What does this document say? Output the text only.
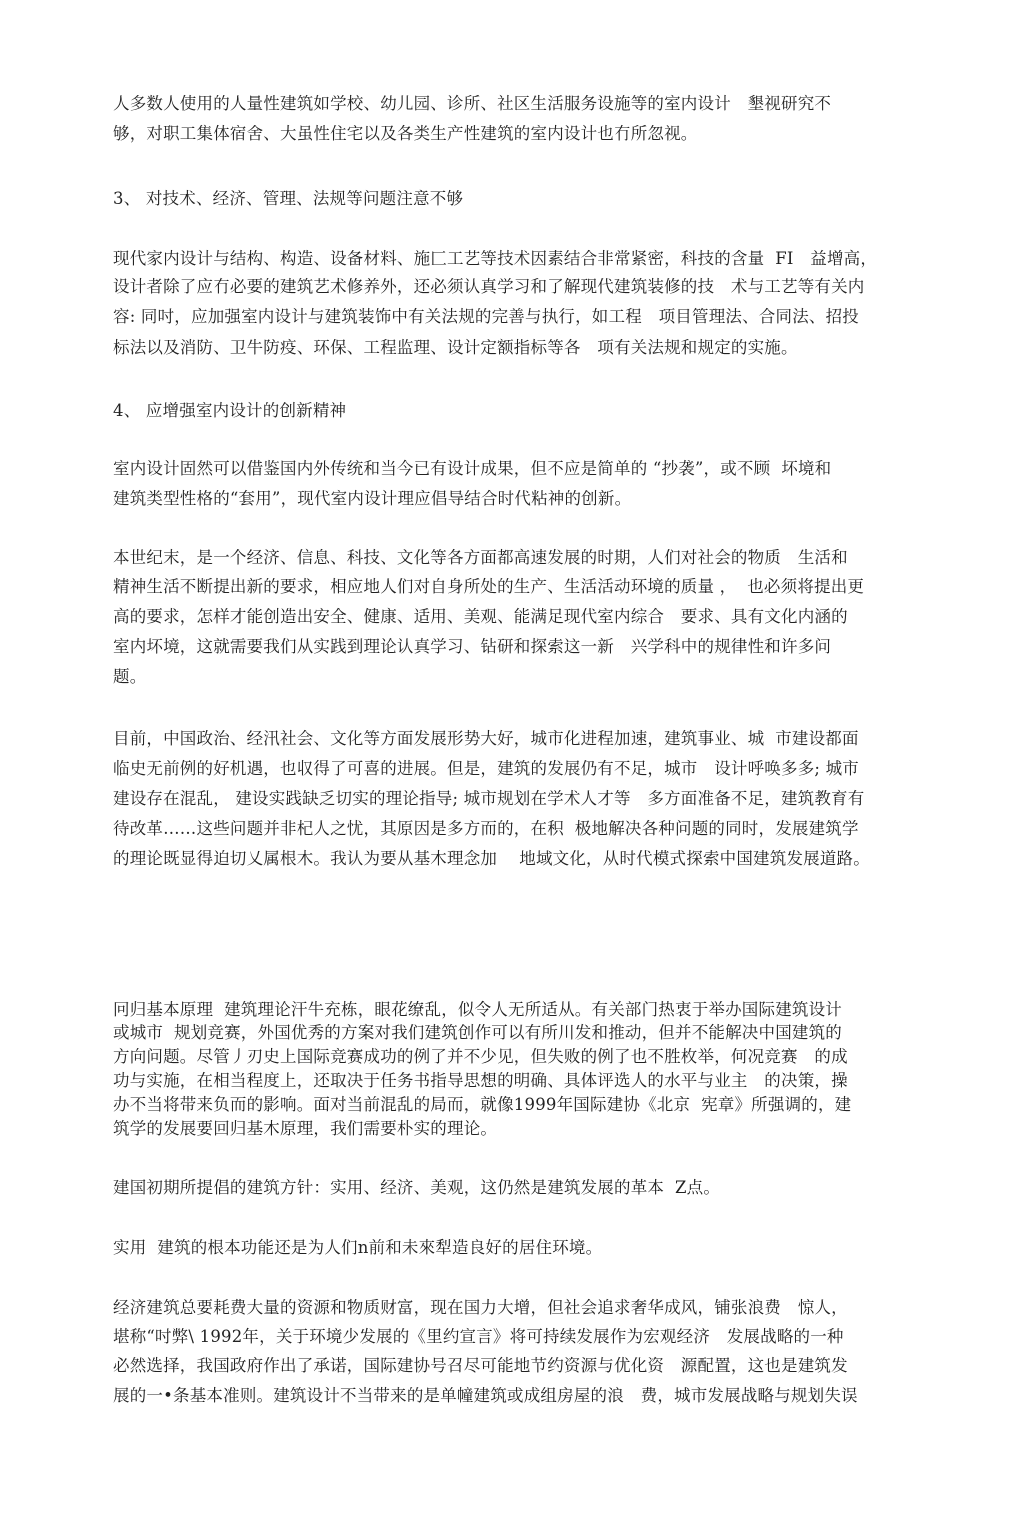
人多数人使用的人量性建筑如学校、幼儿园、诊所、社区生活服务设施等的室内设计　墾视研究不
够，对职工集体宿舍、大虽性住宅以及各类生产性建筑的室内设计也冇所忽视。
3、 对技术、经济、管理、法规等问题注意不够
现代家内设计与结构、构造、设备材料、施匚工艺等技术因素结合非常紧密，科技的含量  FI　益增高，
设计者除了应冇必要的建筑艺术修养外，还必须认真学习和了解现代建筑装修的技　术与工艺等有关内
容: 同吋，应加强室内设计与建筑装饰中有关法规的完善与执行，如工程　项目管理法、合同法、招投
标法以及消防、卫牛防疫、环保、工程监理、设计定额指标等各　项有关法规和规定的实施。
4、 应增强室内设计的创新精神
室内设计固然可以借鉴国内外传统和当今已有设计成果，但不应是简单的 “抄袭”，或不顾  坏境和
建筑类型性格的“套用”，现代室内设计理应倡导结合时代粘神的创新。
本世纪末，是一个经济、信息、科技、文化等各方面都高速发展的时期，人们对社会的物质　生活和
精神生活不断提出新的要求，相应地人们对自身所处的生产、生活活动环境的质量 ，  也必须将提出更
高的要求，怎样才能创造出安全、健康、适用、美观、能满足现代室内综合　要求、具有文化内涵的
室内坏境，这就需要我们从实践到理论认真学习、钻研和探索这一新　兴学科中的规律性和许多问
题。
目前，中国政治、经汛社会、文化等方面发展形势大好，城市化进程加速，建筑事业、城  市建设都面
临史无前例的好机遇，也収得了可喜的进展。但是，建筑的发展仍有不足，城市　设计呼唤多多; 城市
建设存在混乱， 建设实践缺乏切实的理论指导; 城市规划在学术人才等　多方面准备不足，建筑教育有
待改革……这些问题并非杞人之忧，其原因是多方而的，在积  极地解决各种问题的同时，发展建筑学
的理论既显得迫切乂属根木。我认为要从基木理念加　 地域文化，从时代模式探索中国建筑发展道路。
冋归基本原理  建筑理论汗牛充栋，眼花缭乱，似令人无所适从。有关部门热衷于举办国际建筑设计
或城市  规划竞赛，外国优秀的方案对我们建筑创作可以有所川发和推动，但并不能解决中国建筑的
方向问题。尽管丿刃史上国际竞赛成功的例了并不少见，但失败的例了也不胜枚举，何况竞赛　的成
功与实施，在相当程度上，还取决于任务书指导思想的明确、具体评选人的水平与业主　的决策，操
办不当将带来负而的影响。面对当前混乱的局而，就像1999年国际建协《北京  宪章》所强调的，建
筑学的发展要回归基木原理，我们需要朴实的理论。
建国初期所提倡的建筑方针：实用、经济、美观，这仍然是建筑发展的革本  Z点。
实用  建筑的根本功能还是为人们n前和未來犁造良好的居住环境。
经济建筑总要耗费大量的资源和物质财富，现在国力大增，但社会追求奢华成风，铺张浪费　惊人，
堪称“吋弊\ 1992年，关于环境少发展的《里约宣言》将可持续发展作为宏观经济　发展战略的一种
必然选择，我国政府作出了承诺，国际建协号召尽可能地节约资源与优化资　源配置，这也是建筑发
展的一•条基本准则。建筑设计不当带来的是单幢建筑或成组房屋的浪　费，城市发展战略与规划失误
